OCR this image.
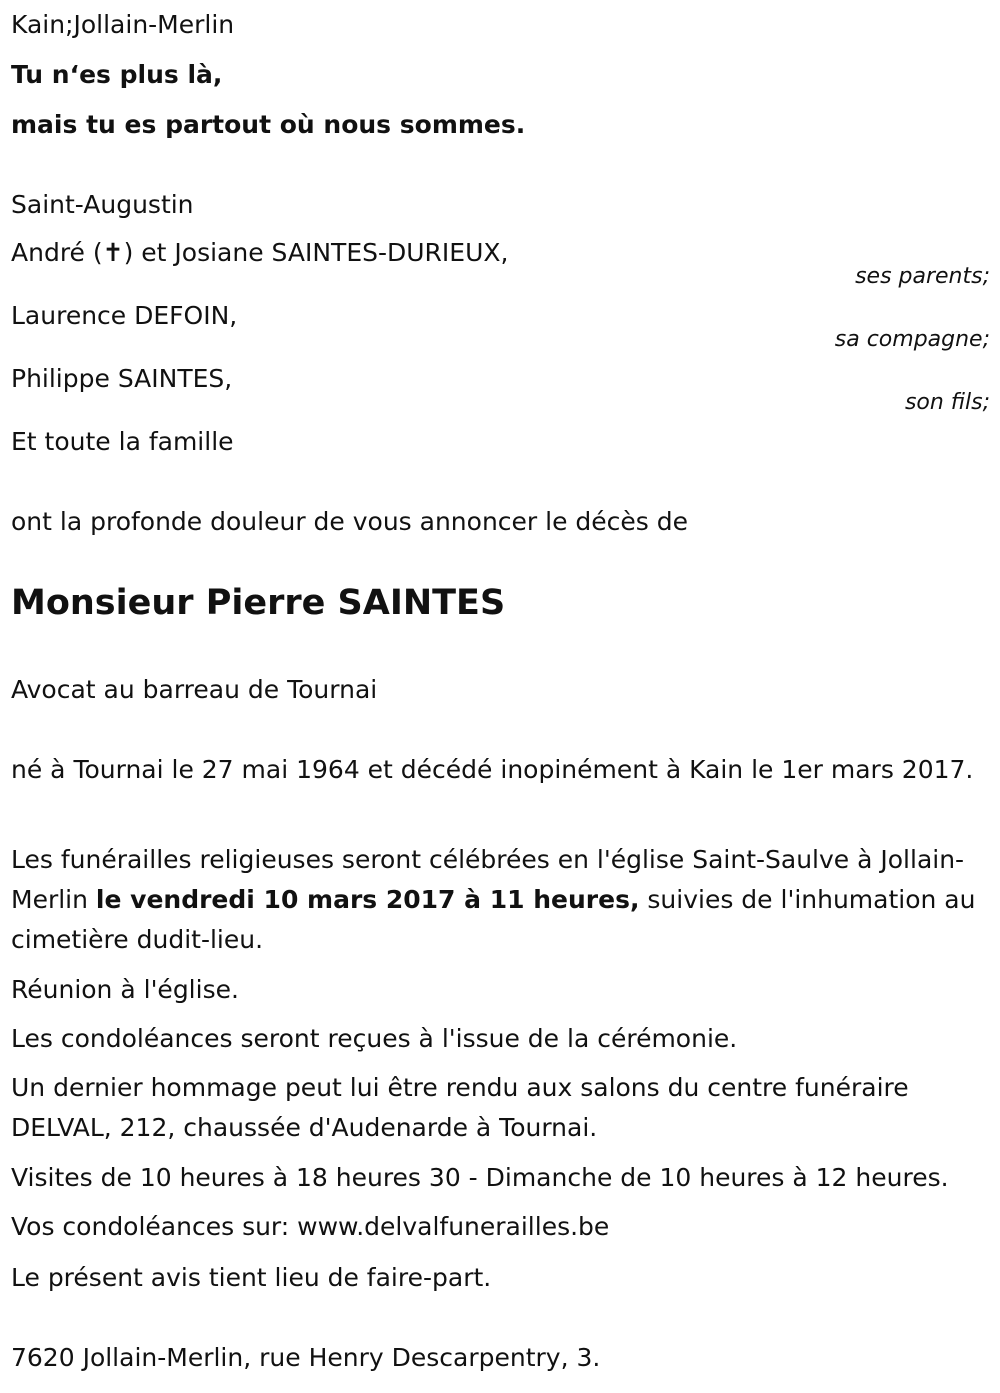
Kain;Jollain-Merlin

Tu n‘es plus là,

mais tu es partout où nous sommes.

Saint-Augustin

André (✝) et Josiane SAINTES-DURIEUX,

ses parents;

Laurence DEFOIN,

sa compagne;

Philippe SAINTES,

son fils;

Et toute la famille

ont la profonde douleur de vous annoncer le décès de

Monsieur Pierre SAINTES

Avocat au barreau de Tournai

né à Tournai le 27 mai 1964 et décédé inopinément à Kain le 1er mars 2017.

Les funérailles religieuses seront célébrées en l'église Saint-Saulve à Jollain-Merlin le vendredi 10 mars 2017 à 11 heures, suivies de l'inhumation au cimetière dudit-lieu.

Réunion à l'église.

Les condoléances seront reçues à l'issue de la cérémonie.

Un dernier hommage peut lui être rendu aux salons du centre funéraire DELVAL, 212, chaussée d'Audenarde à Tournai.

Visites de 10 heures à 18 heures 30 - Dimanche de 10 heures à 12 heures.

Vos condoléances sur: www.delvalfunerailles.be

Le présent avis tient lieu de faire-part.

7620 Jollain-Merlin, rue Henry Descarpentry, 3.
